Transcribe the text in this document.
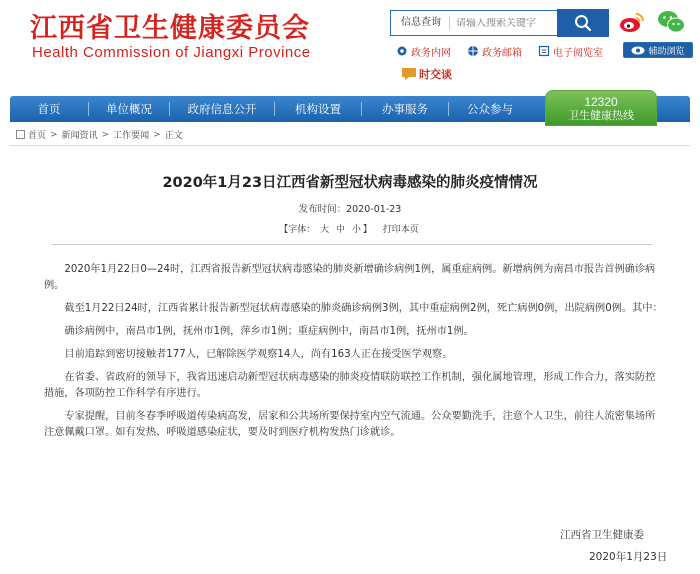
江西省卫生健康委员会
Health Commission of Jiangxi Province
信息查询
请输入搜索关键字
政务内网	政务邮箱	电子阅览室	辅助浏览
时交谈
首页	单位概况	政府信息公开	机构设置	办事服务	公众参与	12320
卫生健康热线
首页 > 新闻资讯 > 工作要闻 > 正文
2020年1月23日江西省新型冠状病毒感染的肺炎疫情情况
发布时间：2020-01-23
【字体： 大 中 小 】 打印本页

2020年1月22日0—24时，江西省报告新型冠状病毒感染的肺炎新增确诊病例1例，属重症病例。新增病例为南昌市报告首例确诊病例。

截至1月22日24时，江西省累计报告新型冠状病毒感染的肺炎确诊病例3例，其中重症病例2例，死亡病例0例，出院病例0例。其中：

确诊病例中，南昌市1例，抚州市1例，萍乡市1例；重症病例中，南昌市1例，抚州市1例。

目前追踪到密切接触者177人，已解除医学观察14人，尚有163人正在接受医学观察。

在省委、省政府的领导下，我省迅速启动新型冠状病毒感染的肺炎疫情联防联控工作机制，强化属地管理，形成工作合力，落实防控措施，各项防控工作科学有序进行。

专家提醒，目前冬春季呼吸道传染病高发，居家和公共场所要保持室内空气流通。公众要勤洗手，注意个人卫生，前往人流密集场所注意佩戴口罩。如有发热、呼吸道感染症状，要及时到医疗机构发热门诊就诊。

江西省卫生健康委
2020年1月23日
